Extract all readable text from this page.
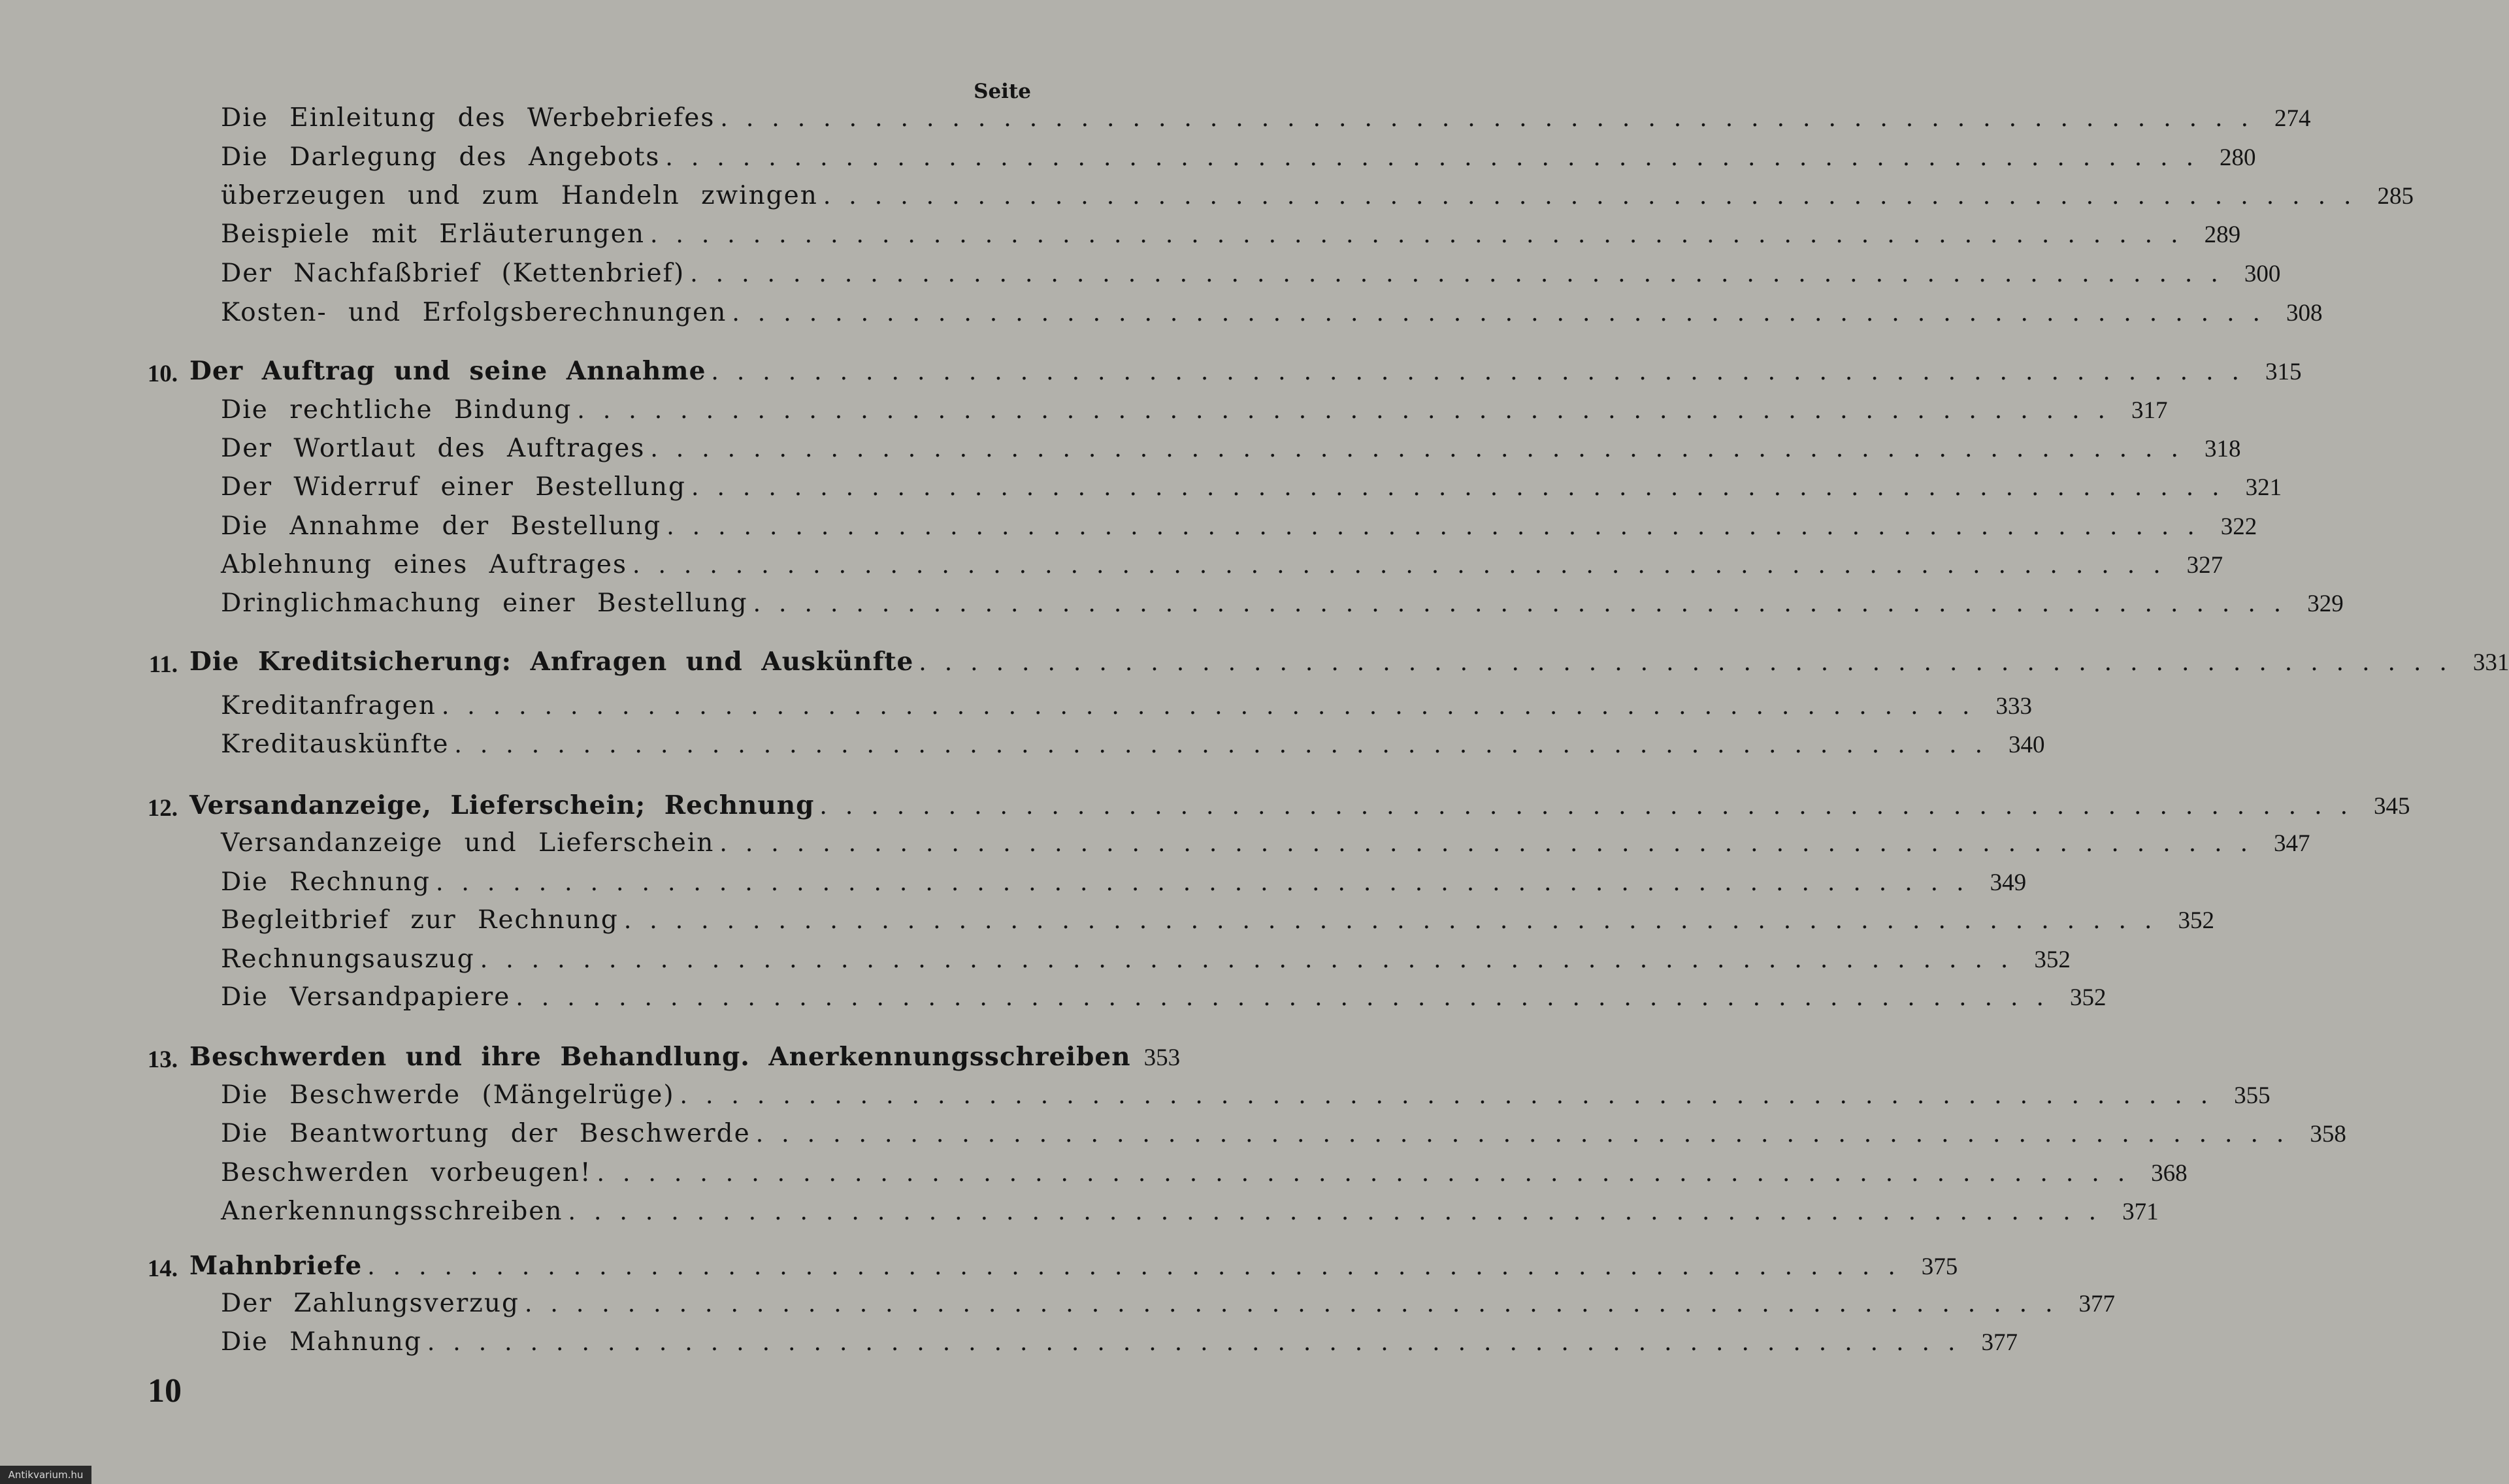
Seite
Die Einleitung des Werbebriefes ............................................................ 274
Die Darlegung des Angebots ............................................................ 280
überzeugen und zum Handeln zwingen ............................................................ 285
Beispiele mit Erläuterungen ............................................................ 289
Der Nachfaßbrief (Kettenbrief) ............................................................ 300
Kosten- und Erfolgsberechnungen ............................................................ 308
10. Der Auftrag und seine Annahme ............................................................ 315
Die rechtliche Bindung ............................................................ 317
Der Wortlaut des Auftrages ............................................................ 318
Der Widerruf einer Bestellung ............................................................ 321
Die Annahme der Bestellung ............................................................ 322
Ablehnung eines Auftrages ............................................................ 327
Dringlichmachung einer Bestellung ............................................................ 329
11. Die Kreditsicherung: Anfragen und Auskünfte ............................................................ 331
Kreditanfragen ............................................................ 333
Kreditauskünfte ............................................................ 340
12. Versandanzeige, Lieferschein; Rechnung ............................................................ 345
Versandanzeige und Lieferschein ............................................................ 347
Die Rechnung ............................................................ 349
Begleitbrief zur Rechnung ............................................................ 352
Rechnungsauszug ............................................................ 352
Die Versandpapiere ............................................................ 352
13. Beschwerden und ihre Behandlung. Anerkennungsschreiben 353
Die Beschwerde (Mängelrüge) ............................................................ 355
Die Beantwortung der Beschwerde ............................................................ 358
Beschwerden vorbeugen! ............................................................ 368
Anerkennungsschreiben ............................................................ 371
14. Mahnbriefe ............................................................ 375
Der Zahlungsverzug ............................................................ 377
Die Mahnung ............................................................ 377
10
Antikvarium.hu
